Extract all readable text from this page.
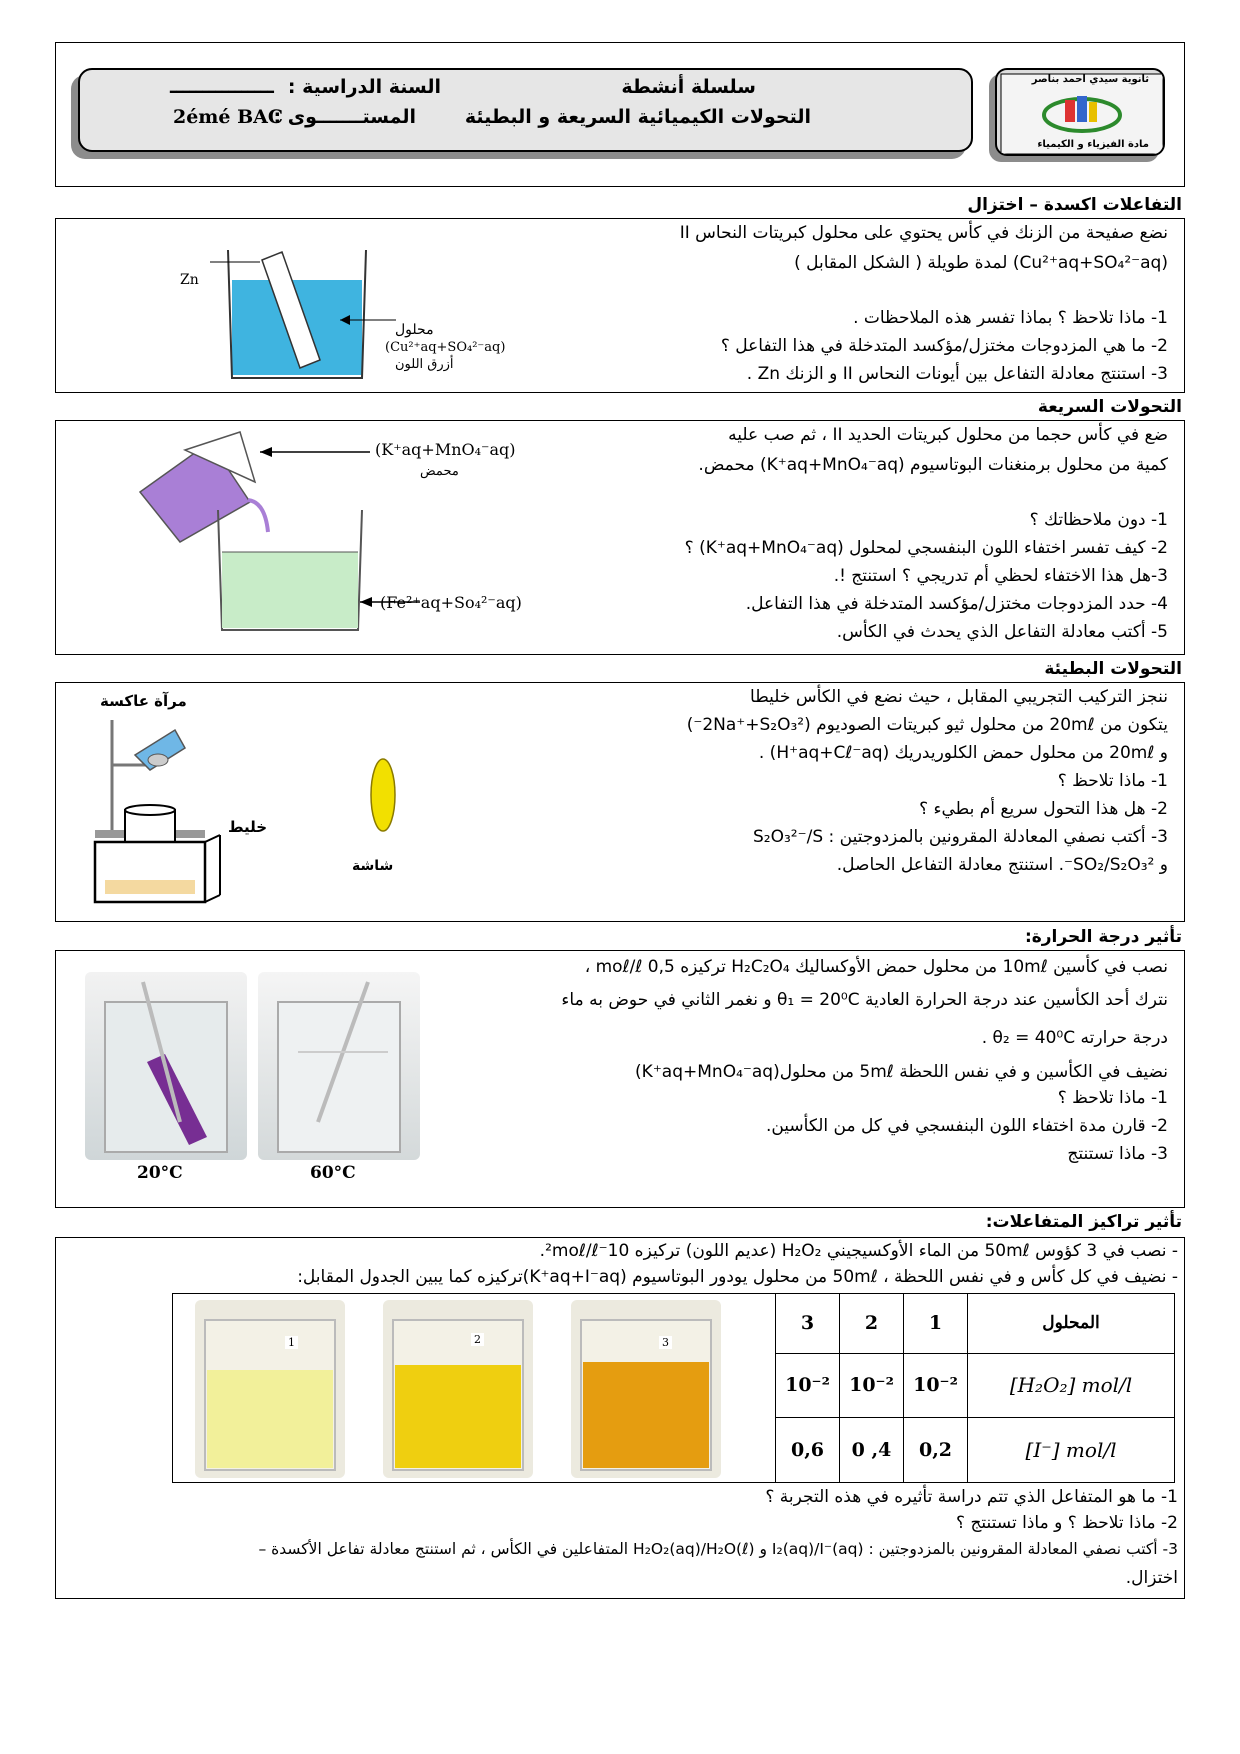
ثانوية سيدي احمد بناصر
مادة الفيزياء و الكيمياء
سلسلة أنشطة
التحولات الكيميائية السريعة و البطيئة
السنة الدراسية :
ــــــــــــــــ
المستـــــــوى :
2émé BAC
التفاعلات اكسدة – اختزال
نضع صفيحة من الزنك في كأس يحتوي على محلول كبريتات النحاس II
(Cu²⁺aq+SO₄²⁻aq) لمدة طويلة ( الشكل المقابل )
1- ماذا تلاحظ ؟ بماذا تفسر هذه الملاحظات .
2- ما هي المزدوجات مختزل/مؤكسد المتدخلة في هذا التفاعل ؟
3- استنتج معادلة التفاعل بين أيونات النحاس II و الزنك Zn .
Zn
محلول
(Cu²⁺aq+SO₄²⁻aq)
أزرق اللون
التحولات السريعة
ضع في كأس حجما من محلول كبريتات الحديد II ، ثم صب عليه
كمية من محلول برمنغنات البوتاسيوم (K⁺aq+MnO₄⁻aq) محمض.
1- دون ملاحظاتك ؟
2- كيف تفسر اختفاء اللون البنفسجي لمحلول (K⁺aq+MnO₄⁻aq) ؟
3-هل هذا الاختفاء لحظي أم تدريجي ؟ استنتج !.
4- حدد المزدوجات مختزل/مؤكسد المتدخلة في هذا التفاعل.
5- أكتب معادلة التفاعل الذي يحدث في الكأس.
(K⁺aq+MnO₄⁻aq)
محمض
(Fe²⁺aq+So₄²⁻aq)
التحولات البطيئة
ننجز التركيب التجريبي المقابل ، حيث نضع في الكأس خليطا
يتكون من 20mℓ من محلول ثيو كبريتات الصوديوم (2Na⁺+S₂O₃²⁻)
و 20mℓ من محلول حمض الكلوريدريك (H⁺aq+Cℓ⁻aq) .
1- ماذا تلاحظ ؟
2- هل هذا التحول سريع أم بطيء ؟
3- أكتب نصفي المعادلة المقرونين بالمزدوجتين : S₂O₃²⁻/S
و SO₂/S₂O₃²⁻. استنتج معادلة التفاعل الحاصل.
مرآة عاكسة
خليط
شاشة
تأثير درجة الحرارة:
نصب في كأسين 10mℓ من محلول حمض الأوكساليك H₂C₂O₄ تركيزه 0,5 moℓ/ℓ ،
نترك أحد الكأسين عند درجة الحرارة العادية θ₁ = 20⁰C و نغمر الثاني في حوض به ماء
درجة حرارته θ₂ = 40⁰C .
نضيف في الكأسين و في نفس اللحظة 5mℓ من محلول(K⁺aq+MnO₄⁻aq)
1- ماذا تلاحظ ؟
2- قارن مدة اختفاء اللون البنفسجي في كل من الكأسين.
3- ماذا تستنتج
20°C	60°C
تأثير تراكيز المتفاعلات:
- نصب في 3 كؤوس 50mℓ من الماء الأوكسيجيني H₂O₂ (عديم اللون) تركيزه 10⁻²moℓ/ℓ.
- نضيف في كل كأس و في نفس اللحظة ، 50mℓ من محلول يودور البوتاسيوم (K⁺aq+I⁻aq)تركيزه كما يبين الجدول المقابل:
1	2	3
3	2	1	المحلول
10⁻²	10⁻²	10⁻²	[H₂O₂] mol/l
0,6	0 ,4	0,2	[I⁻] mol/l
1- ما هو المتفاعل الذي تتم دراسة تأثيره في هذه التجربة ؟
2- ماذا تلاحظ ؟ و ماذا تستنتج ؟
3- أكتب نصفي المعادلة المقرونين بالمزدوجتين : I₂(aq)/I⁻(aq) و H₂O₂(aq)/H₂O(ℓ) المتفاعلين في الكأس ، ثم استنتج معادلة تفاعل الأكسدة –
اختزال.
